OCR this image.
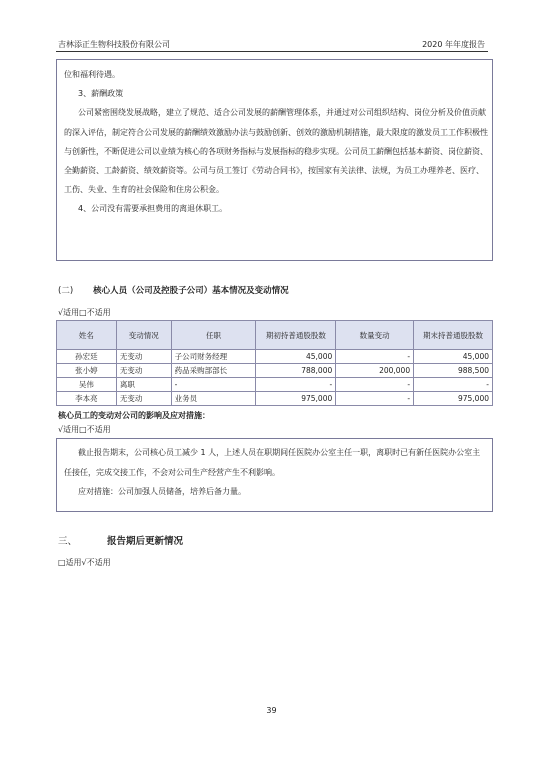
吉林添正生物科技股份有限公司	2020 年年度报告

位和福利待遇。

3、薪酬政策

公司紧密围绕发展战略，建立了规范、适合公司发展的薪酬管理体系，并通过对公司组织结构、岗位分析及价值贡献的深入评估，制定符合公司发展的薪酬绩效激励办法与鼓励创新、创效的激励机制措施，最大限度的激发员工工作积极性与创新性，不断促进公司以业绩为核心的各项财务指标与发展指标的稳步实现。公司员工薪酬包括基本薪资、岗位薪资、全勤薪资、工龄薪资、绩效薪资等。公司与员工签订《劳动合同书》，按国家有关法律、法规，为员工办理养老、医疗、工伤、失业、生育的社会保险和住房公积金。

4、公司没有需要承担费用的离退休职工。

(二) 核心人员（公司及控股子公司）基本情况及变动情况
√适用□不适用
姓名	变动情况	任职	期初持普通股股数	数量变动	期末持普通股股数
孙宏廷	无变动	子公司财务经理	45,000	-	45,000
张小婷	无变动	药品采购部部长	788,000	200,000	988,500
吴伟	离职	-	-	-	-
李本亮	无变动	业务员	975,000	-	975,000
核心员工的变动对公司的影响及应对措施：
√适用□不适用

截止报告期末，公司核心员工减少 1 人，上述人员在职期间任医院办公室主任一职，离职时已有新任医院办公室主任接任，完成交接工作，不会对公司生产经营产生不利影响。

应对措施：公司加强人员储备，培养后备力量。

三、	报告期后更新情况
□适用√不适用
39
